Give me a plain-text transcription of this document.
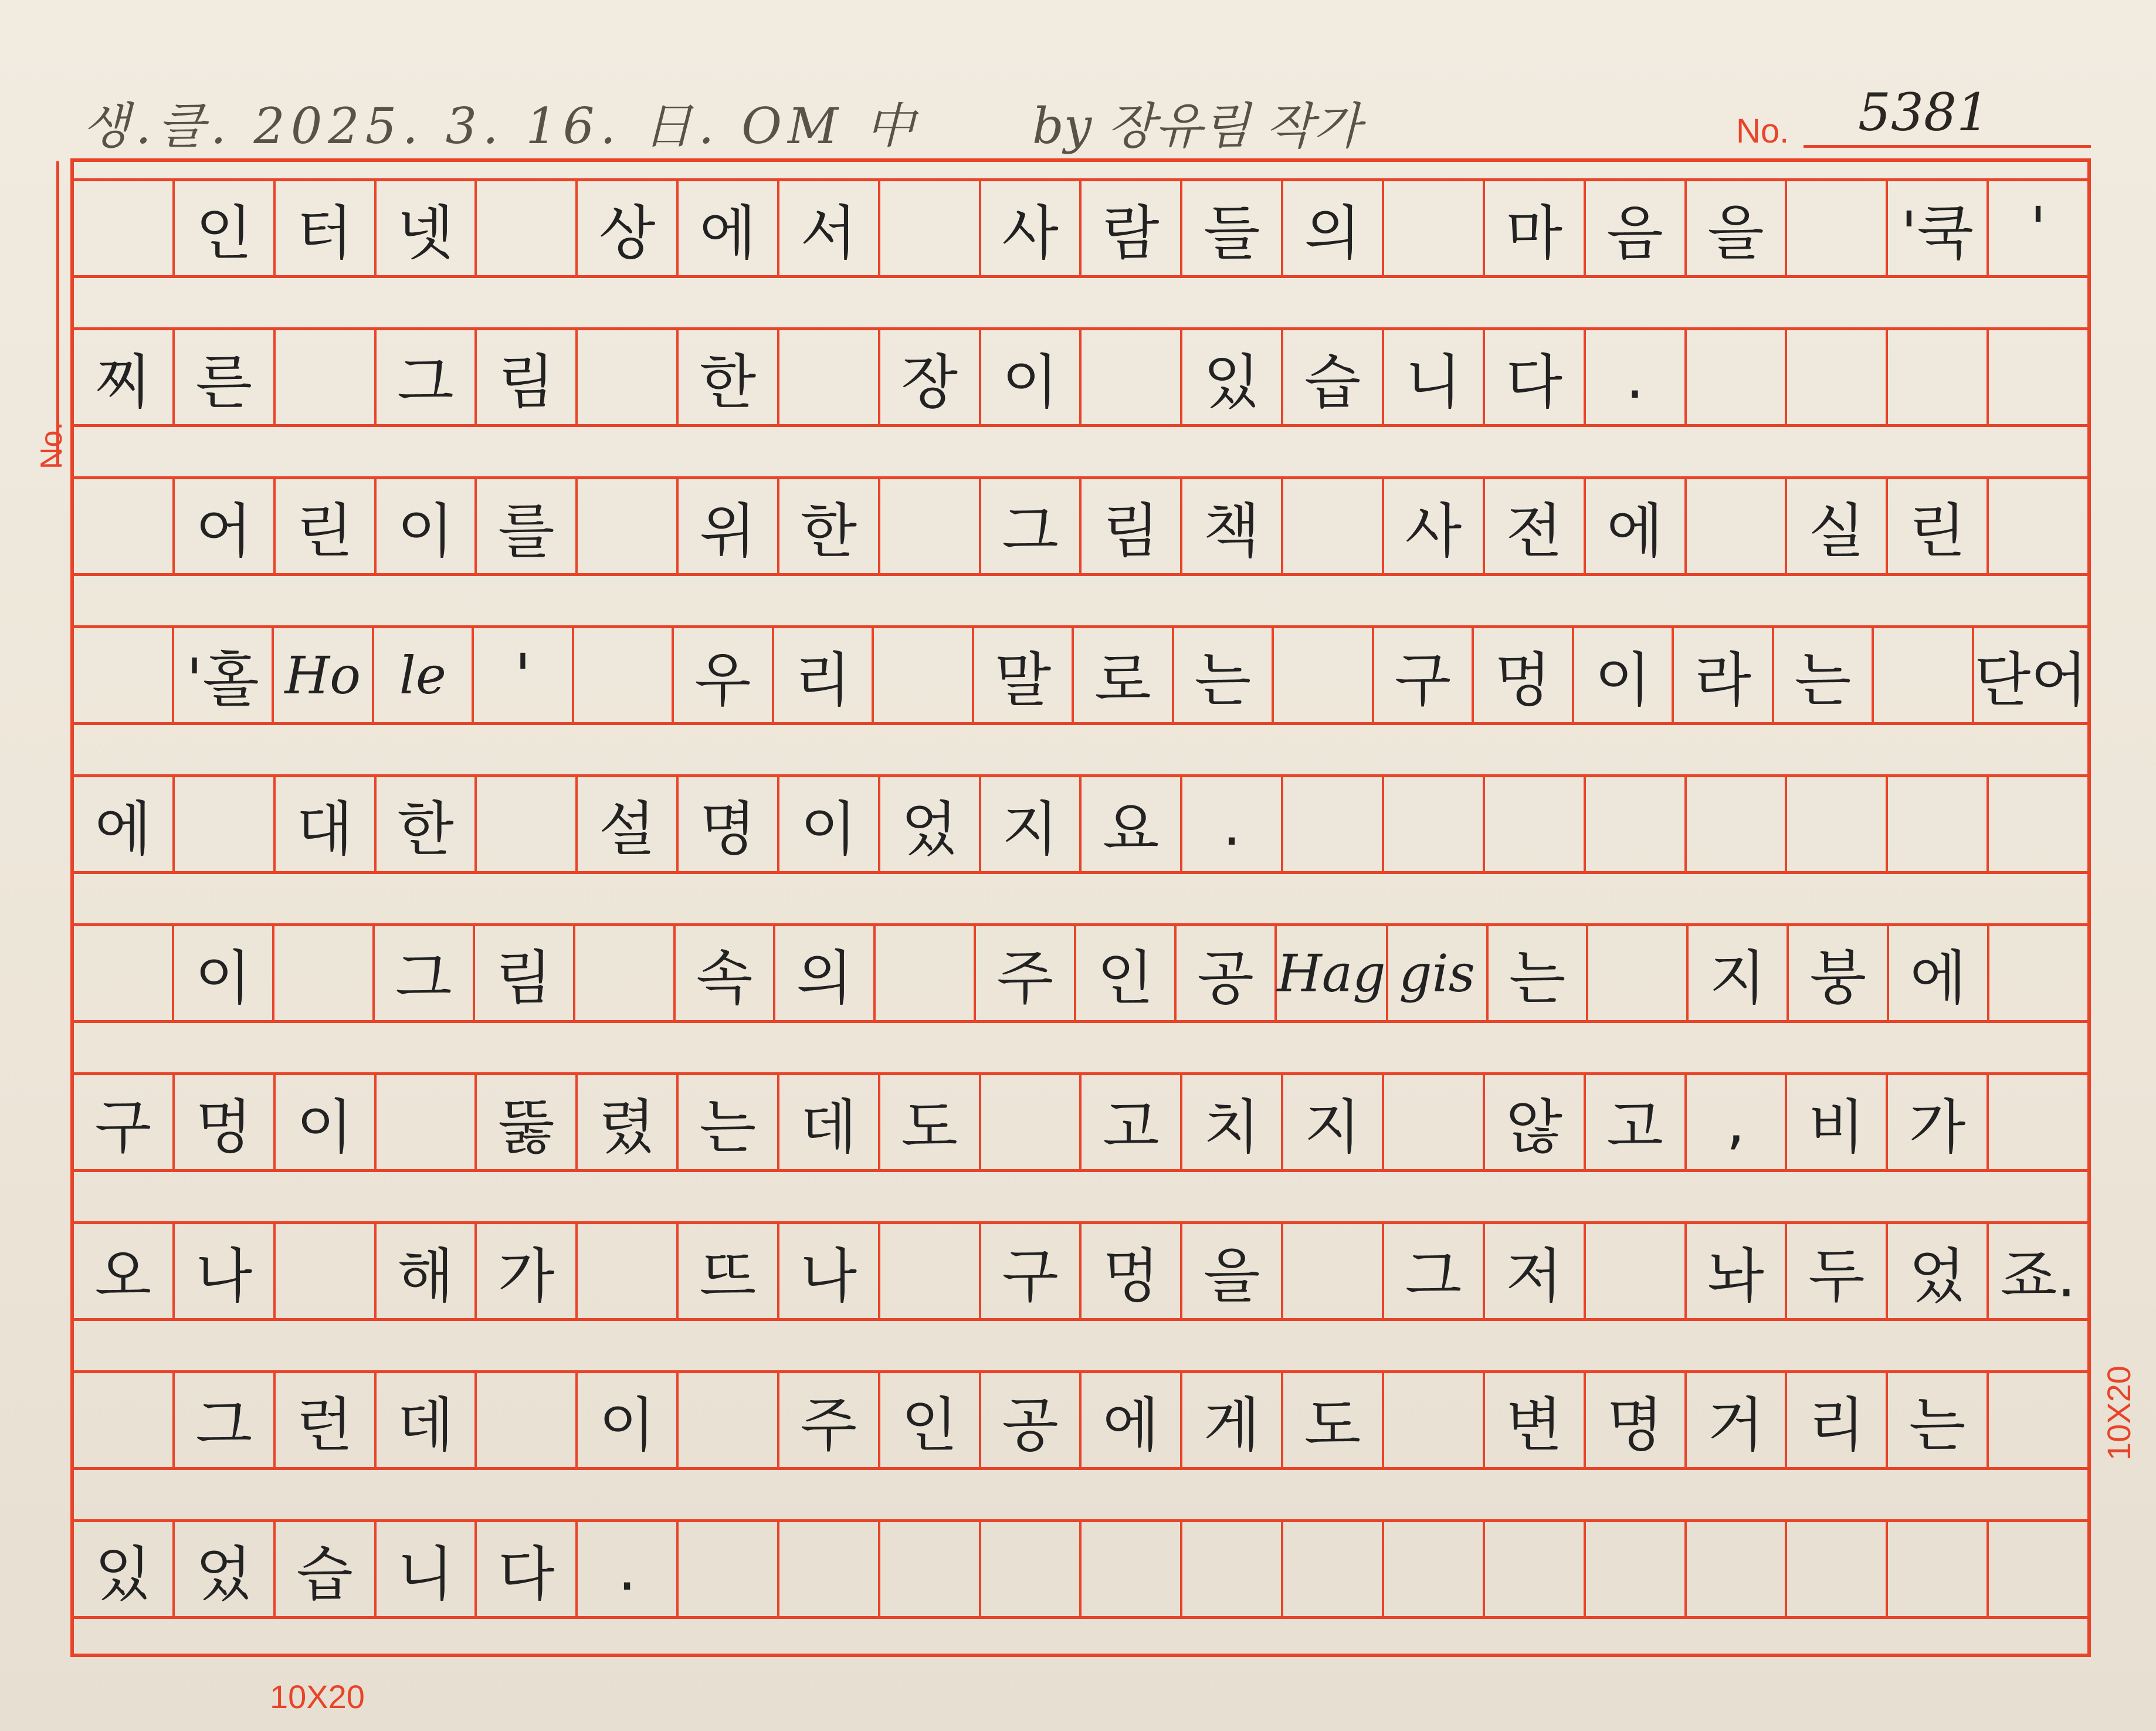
생.클. 2025. 3. 16. 日. OM 中 by 장유림 작가	No. 5381
No.
10X20
10X20
인 터 넷	상 에 서	사 람 들 의	마 음 을	'쿡 '
찌 른	그 림	한	장 이	있 습 니 다	.
어 린 이 를	위 한	그 림 책	사 전 에	실 린
'홀 Ho le	'	우 리	말 로 는	구 멍 이 라 는	단 어
에	대 한	설 명 이 었 지 요	.
이	그 림	속 의	주 인 공 Hag gis 는	지 붕 에
구 멍 이	뚫 렸 는 데 도	고 치 지	않 고	,	비 가
오 나	해 가	뜨 나	구 멍 을	그 저	놔 두 었 죠.
그 런 데	이	주 인 공 에 게 도	변 명 거 리 는
있 었 습 니 다	.
